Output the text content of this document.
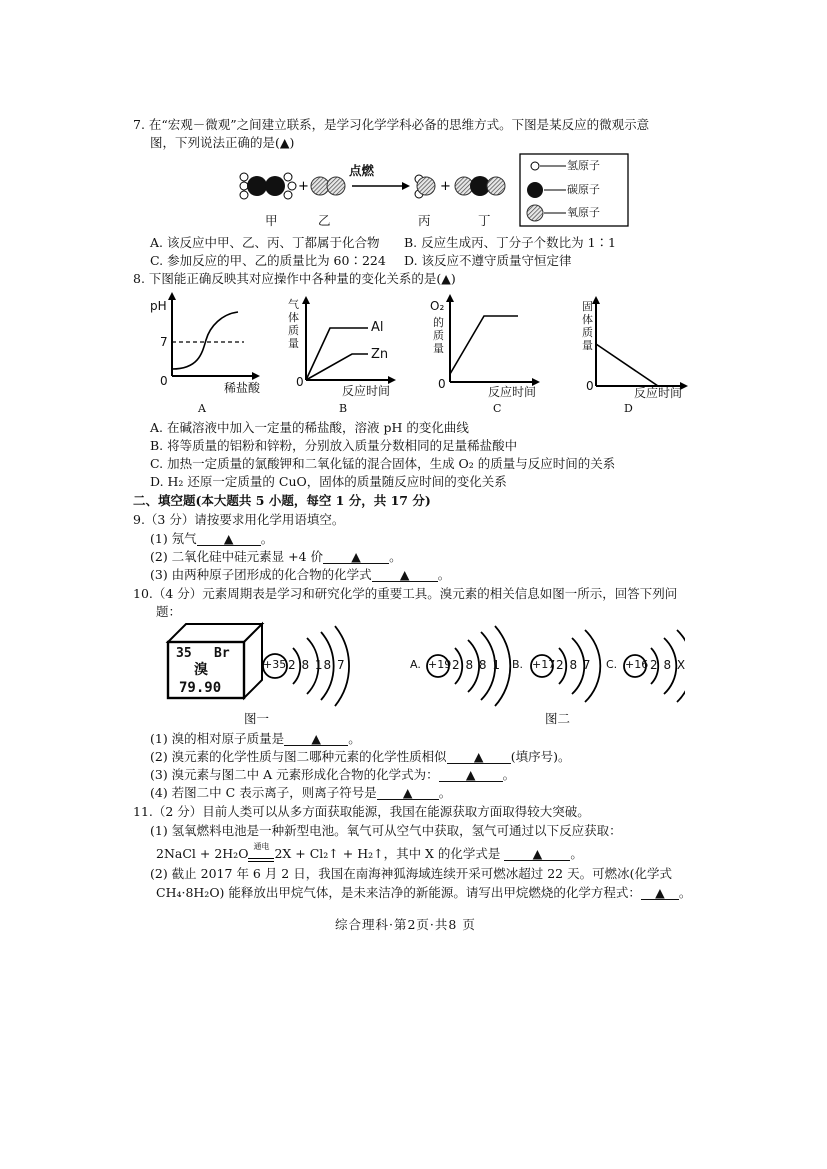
7. 在“宏观－微观”之间建立联系，是学习化学学科必备的思维方式。下图是某反应的微观示意
图，下列说法正确的是(▲)
+	+
点燃	氢原子
碳原子
氧原子
甲	乙	丙	丁
A. 该反应中甲、乙、丙、丁都属于化合物 B. 反应生成丙、丁分子个数比为 1∶1
C. 参加反应的甲、乙的质量比为 60∶224 D. 该反应不遵守质量守恒定律
8. 下图能正确反映其对应操作中各种量的变化关系的是(▲)
pH
7
0	稀盐酸
A
气
体
质
量
Al
Zn
0
反应时间
B
O₂
的
质
量
0
反应时间
C
固
体
质
量
0	反应时间
D
A. 在碱溶液中加入一定量的稀盐酸，溶液 pH 的变化曲线
B. 将等质量的铝粉和锌粉，分别放入质量分数相同的足量稀盐酸中
C. 加热一定质量的氯酸钾和二氧化锰的混合固体，生成 O₂ 的质量与反应时间的关系
D. H₂ 还原一定质量的 CuO，固体的质量随反应时间的变化关系
二、填空题(本大题共 5 小题，每空 1 分，共 17 分)
9.（3 分）请按要求用化学用语填空。
(1) 氖气 ▲ 。
(2) 二氧化硅中硅元素显 +4 价 ▲ 。
(3) 由两种原子团形成的化合物的化学式 ▲ 。
10.（4 分）元素周期表是学习和研究化学的重要工具。溴元素的相关信息如图一所示，回答下列问
题：
35 Br
溴
79.90
+35 2 8 18 7	A. +19 2 8 8 1 B. +17 2 8 7 C. +16 2 8 X
图一	图二
(1) 溴的相对原子质量是 ▲ 。
(2) 溴元素的化学性质与图二哪种元素的化学性质相似 ▲ (填序号)。
(3) 溴元素与图二中 A 元素形成化合物的化学式为： ▲ 。
(4) 若图二中 C 表示离子，则离子符号是 ▲ 。
11.（2 分）目前人类可以从多方面获取能源，我国在能源获取方面取得较大突破。
(1) 氢氧燃料电池是一种新型电池。氧气可从空气中获取，氢气可通过以下反应获取：
2NaCl + 2H₂O 通电 2X + Cl₂↑ + H₂↑，其中 X 的化学式是	▲ 。
(2) 截止 2017 年 6 月 2 日，我国在南海神狐海域连续开采可燃冰超过 22 天。可燃冰(化学式
CH₄·8H₂O) 能释放出甲烷气体，是未来洁净的新能源。请写出甲烷燃烧的化学方程式： ▲ 。
综合理科·第2页·共8 页
